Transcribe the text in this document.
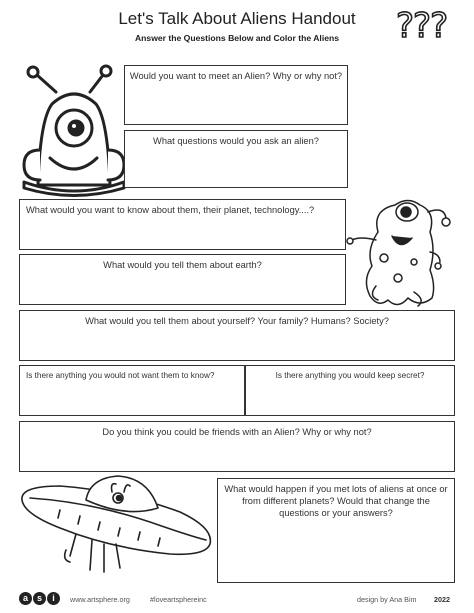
Let's Talk About Aliens Handout
Answer the Questions Below and Color the Aliens	???
Would you want to meet an Alien? Why or why not?
What questions would you ask an alien?
What would you want to know about them, their planet, technology....?
What would you tell them about earth?
What would you tell them about yourself? Your family? Humans? Society?
Is there anything you would not want them to know?	Is there anything you would keep secret?
Do you think you could be friends with an Alien? Why or why not?
What would happen if you met lots of aliens at once or from different planets? Would that change the questions or your answers?
a s	i	www.artsphere.org	#loveartsphereinc	design by Ana Bim 2022
